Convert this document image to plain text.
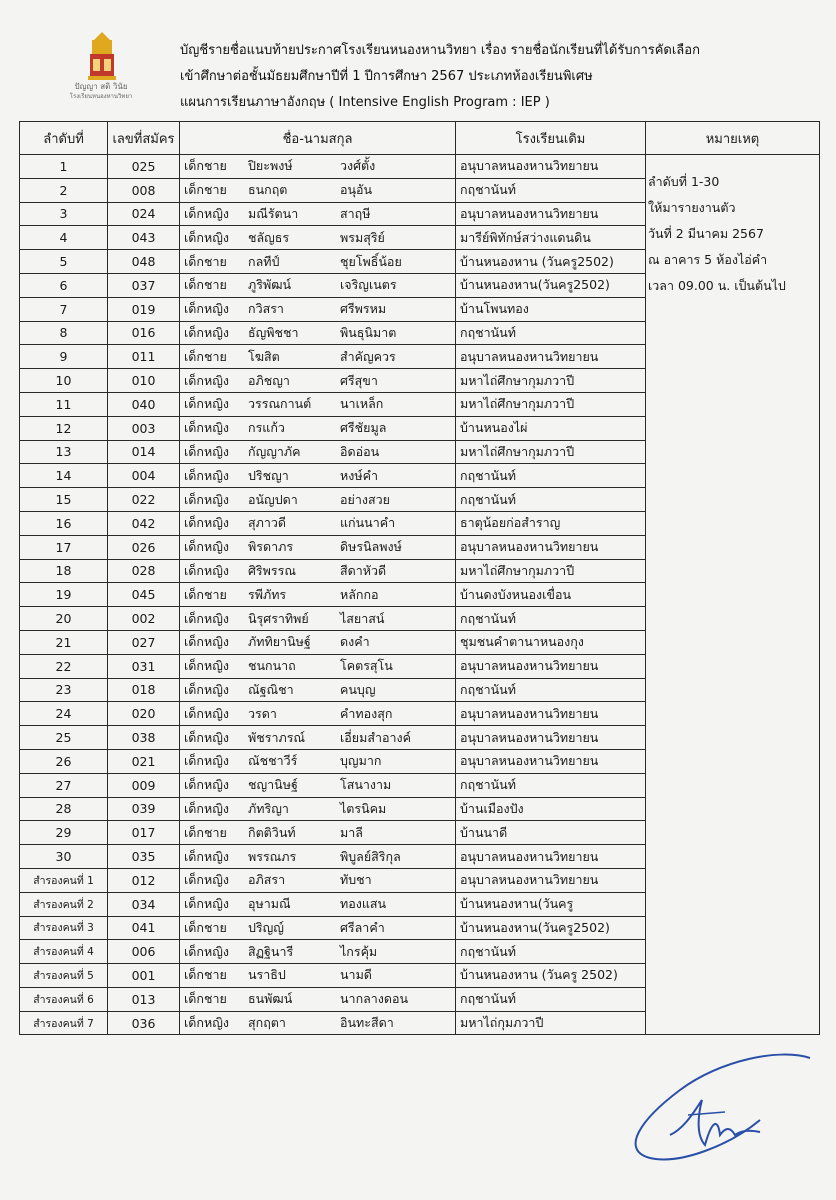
ปัญญา สติ วินัย
โรงเรียนหนองหานวิทยา
บัญชีรายชื่อแนบท้ายประกาศโรงเรียนหนองหานวิทยา เรื่อง รายชื่อนักเรียนที่ได้รับการคัดเลือก
เข้าศึกษาต่อชั้นมัธยมศึกษาปีที่ 1 ปีการศึกษา 2567 ประเภทห้องเรียนพิเศษ
แผนการเรียนภาษาอังกฤษ ( Intensive English Program : IEP )
ลำดับที่	เลขที่สมัคร	ชื่อ-นามสกุล	โรงเรียนเดิม	หมายเหตุ
1	025	เด็กชาย ปิยะพงษ์ วงศ์ตั้ง	อนุบาลหนองหานวิทยายน	ลำดับที่ 1-30
ให้มารายงานตัว
วันที่ 2 มีนาคม 2567
ณ อาคาร 5 ห้องไอ่คำ
เวลา 09.00 น. เป็นต้นไป

2	008	เด็กชาย ธนกฤต อนุอัน	กฤชานันท์	
3	024	เด็กหญิง มณีรัตนา สาฤษี	อนุบาลหนองหานวิทยายน	
4	043	เด็กหญิง ชลัญธร พรมสุริย์	มารีย์พิทักษ์สว่างแดนดิน	
5	048	เด็กชาย กลทีป์ ชุยโพธิ์น้อย	บ้านหนองหาน (วันครู2502)	
6	037	เด็กชาย ภูริพัฒน์ เจริญเนตร	บ้านหนองหาน(วันครู2502)	
7	019	เด็กหญิง กวิสรา ศรีพรหม	บ้านโพนทอง	
8	016	เด็กหญิง ธัญพิชชา พินธุนิมาต	กฤชานันท์	
9	011	เด็กชาย โฆสิต สำคัญควร	อนุบาลหนองหานวิทยายน	
10	010	เด็กหญิง อภิชญา ศรีสุขา	มหาไถ่ศึกษากุมภวาปี	
11	040	เด็กหญิง วรรณกานต์ นาเหล็ก	มหาไถ่ศึกษากุมภวาปี	
12	003	เด็กหญิง กรแก้ว ศรีชัยมูล	บ้านหนองไผ่	
13	014	เด็กหญิง กัญญาภัค อิดอ่อน	มหาไถ่ศึกษากุมภวาปี	
14	004	เด็กหญิง ปริชญา หงษ์คำ	กฤชานันท์	
15	022	เด็กหญิง อนัญปดา อย่างสวย	กฤชานันท์	
16	042	เด็กหญิง สุภาวดี แก่นนาคำ	ธาตุน้อยก่อสำราญ	
17	026	เด็กหญิง พิรดาภร ดิษรนิลพงษ์	อนุบาลหนองหานวิทยายน	
18	028	เด็กหญิง ศิริพรรณ สีดาหัวดี	มหาไถ่ศึกษากุมภวาปี	
19	045	เด็กชาย รพีภัทร หลักกอ	บ้านดงบังหนองเขื่อน	
20	002	เด็กหญิง นิรุศราทิพย์ ไสยาสน์	กฤชานันท์	
21	027	เด็กหญิง ภัททิยานิษฐ์ ดงคำ	ชุมชนคำตานาหนองกุง	
22	031	เด็กหญิง ชนกนาถ โคตรสุโน	อนุบาลหนองหานวิทยายน	
23	018	เด็กหญิง ณัฐณิชา คนบุญ	กฤชานันท์	
24	020	เด็กหญิง วรดา คำทองสุก	อนุบาลหนองหานวิทยายน	
25	038	เด็กหญิง พัชราภรณ์ เอี่ยมสำอางค์	อนุบาลหนองหานวิทยายน	
26	021	เด็กหญิง ณัชชาวีร์ บุญมาก	อนุบาลหนองหานวิทยายน	
27	009	เด็กหญิง ชญานิษฐ์ โสนางาม	กฤชานันท์	
28	039	เด็กหญิง ภัทริญา ไตรนิคม	บ้านเมืองปัง	
29	017	เด็กชาย กิตติวินท์ มาลี	บ้านนาดี	
30	035	เด็กหญิง พรรณภร พิบูลย์สิริกุล	อนุบาลหนองหานวิทยายน	
สำรองคนที่ 1	012	เด็กหญิง อภิสรา ทับชา	อนุบาลหนองหานวิทยายน	
สำรองคนที่ 2	034	เด็กหญิง อุษามณี ทองแสน	บ้านหนองหาน(วันครู	
สำรองคนที่ 3	041	เด็กชาย ปริญญ์ ศรีลาคำ	บ้านหนองหาน(วันครู2502)	
สำรองคนที่ 4	006	เด็กหญิง สิฏฐินารี ไกรคุ้ม	กฤชานันท์	
สำรองคนที่ 5	001	เด็กชาย นราธิป นามดี	บ้านหนองหาน (วันครู 2502)	
สำรองคนที่ 6	013	เด็กชาย ธนพัฒน์ นากลางดอน	กฤชานันท์	
สำรองคนที่ 7	036	เด็กหญิง สุกฤตา อินทะสีดา	มหาไถ่กุมภวาปี	
